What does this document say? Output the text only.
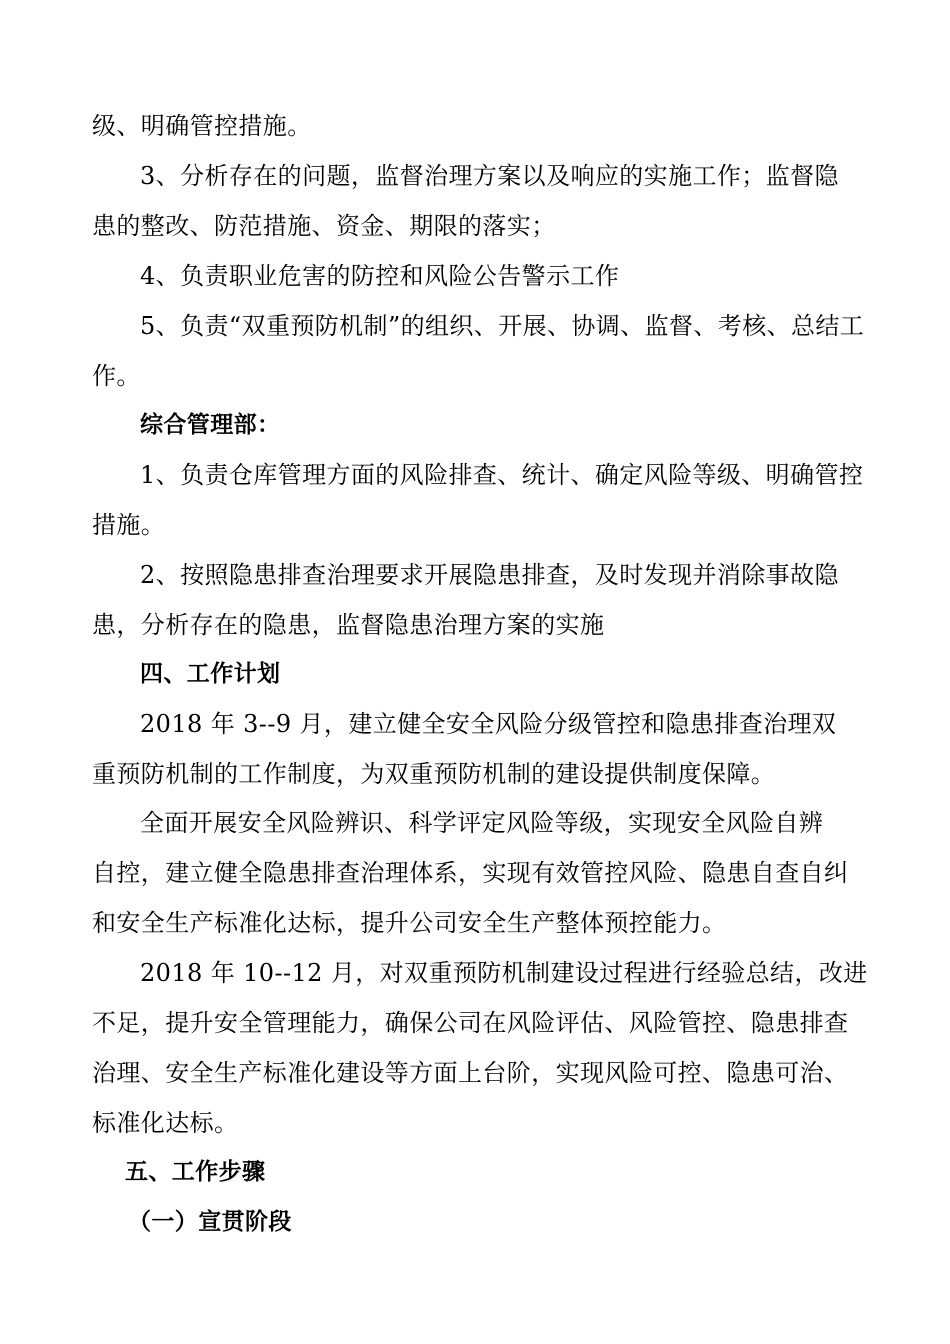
级、明确管控措施。
3、分析存在的问题，监督治理方案以及响应的实施工作；监督隐
患的整改、防范措施、资金、期限的落实；
4、负责职业危害的防控和风险公告警示工作
5、负责“双重预防机制”的组织、开展、协调、监督、考核、总结工
作。
综合管理部：
1、负责仓库管理方面的风险排查、统计、确定风险等级、明确管控
措施。
2、按照隐患排查治理要求开展隐患排查，及时发现并消除事故隐
患，分析存在的隐患，监督隐患治理方案的实施
四、工作计划
2018 年 3--9 月，建立健全安全风险分级管控和隐患排查治理双
重预防机制的工作制度，为双重预防机制的建设提供制度保障。
全面开展安全风险辨识、科学评定风险等级，实现安全风险自辨
自控，建立健全隐患排查治理体系，实现有效管控风险、隐患自查自纠
和安全生产标准化达标，提升公司安全生产整体预控能力。
2018 年 10--12 月，对双重预防机制建设过程进行经验总结，改进
不足，提升安全管理能力，确保公司在风险评估、风险管控、隐患排查
治理、安全生产标准化建设等方面上台阶，实现风险可控、隐患可治、
标准化达标。
五、工作步骤
（一）宣贯阶段
